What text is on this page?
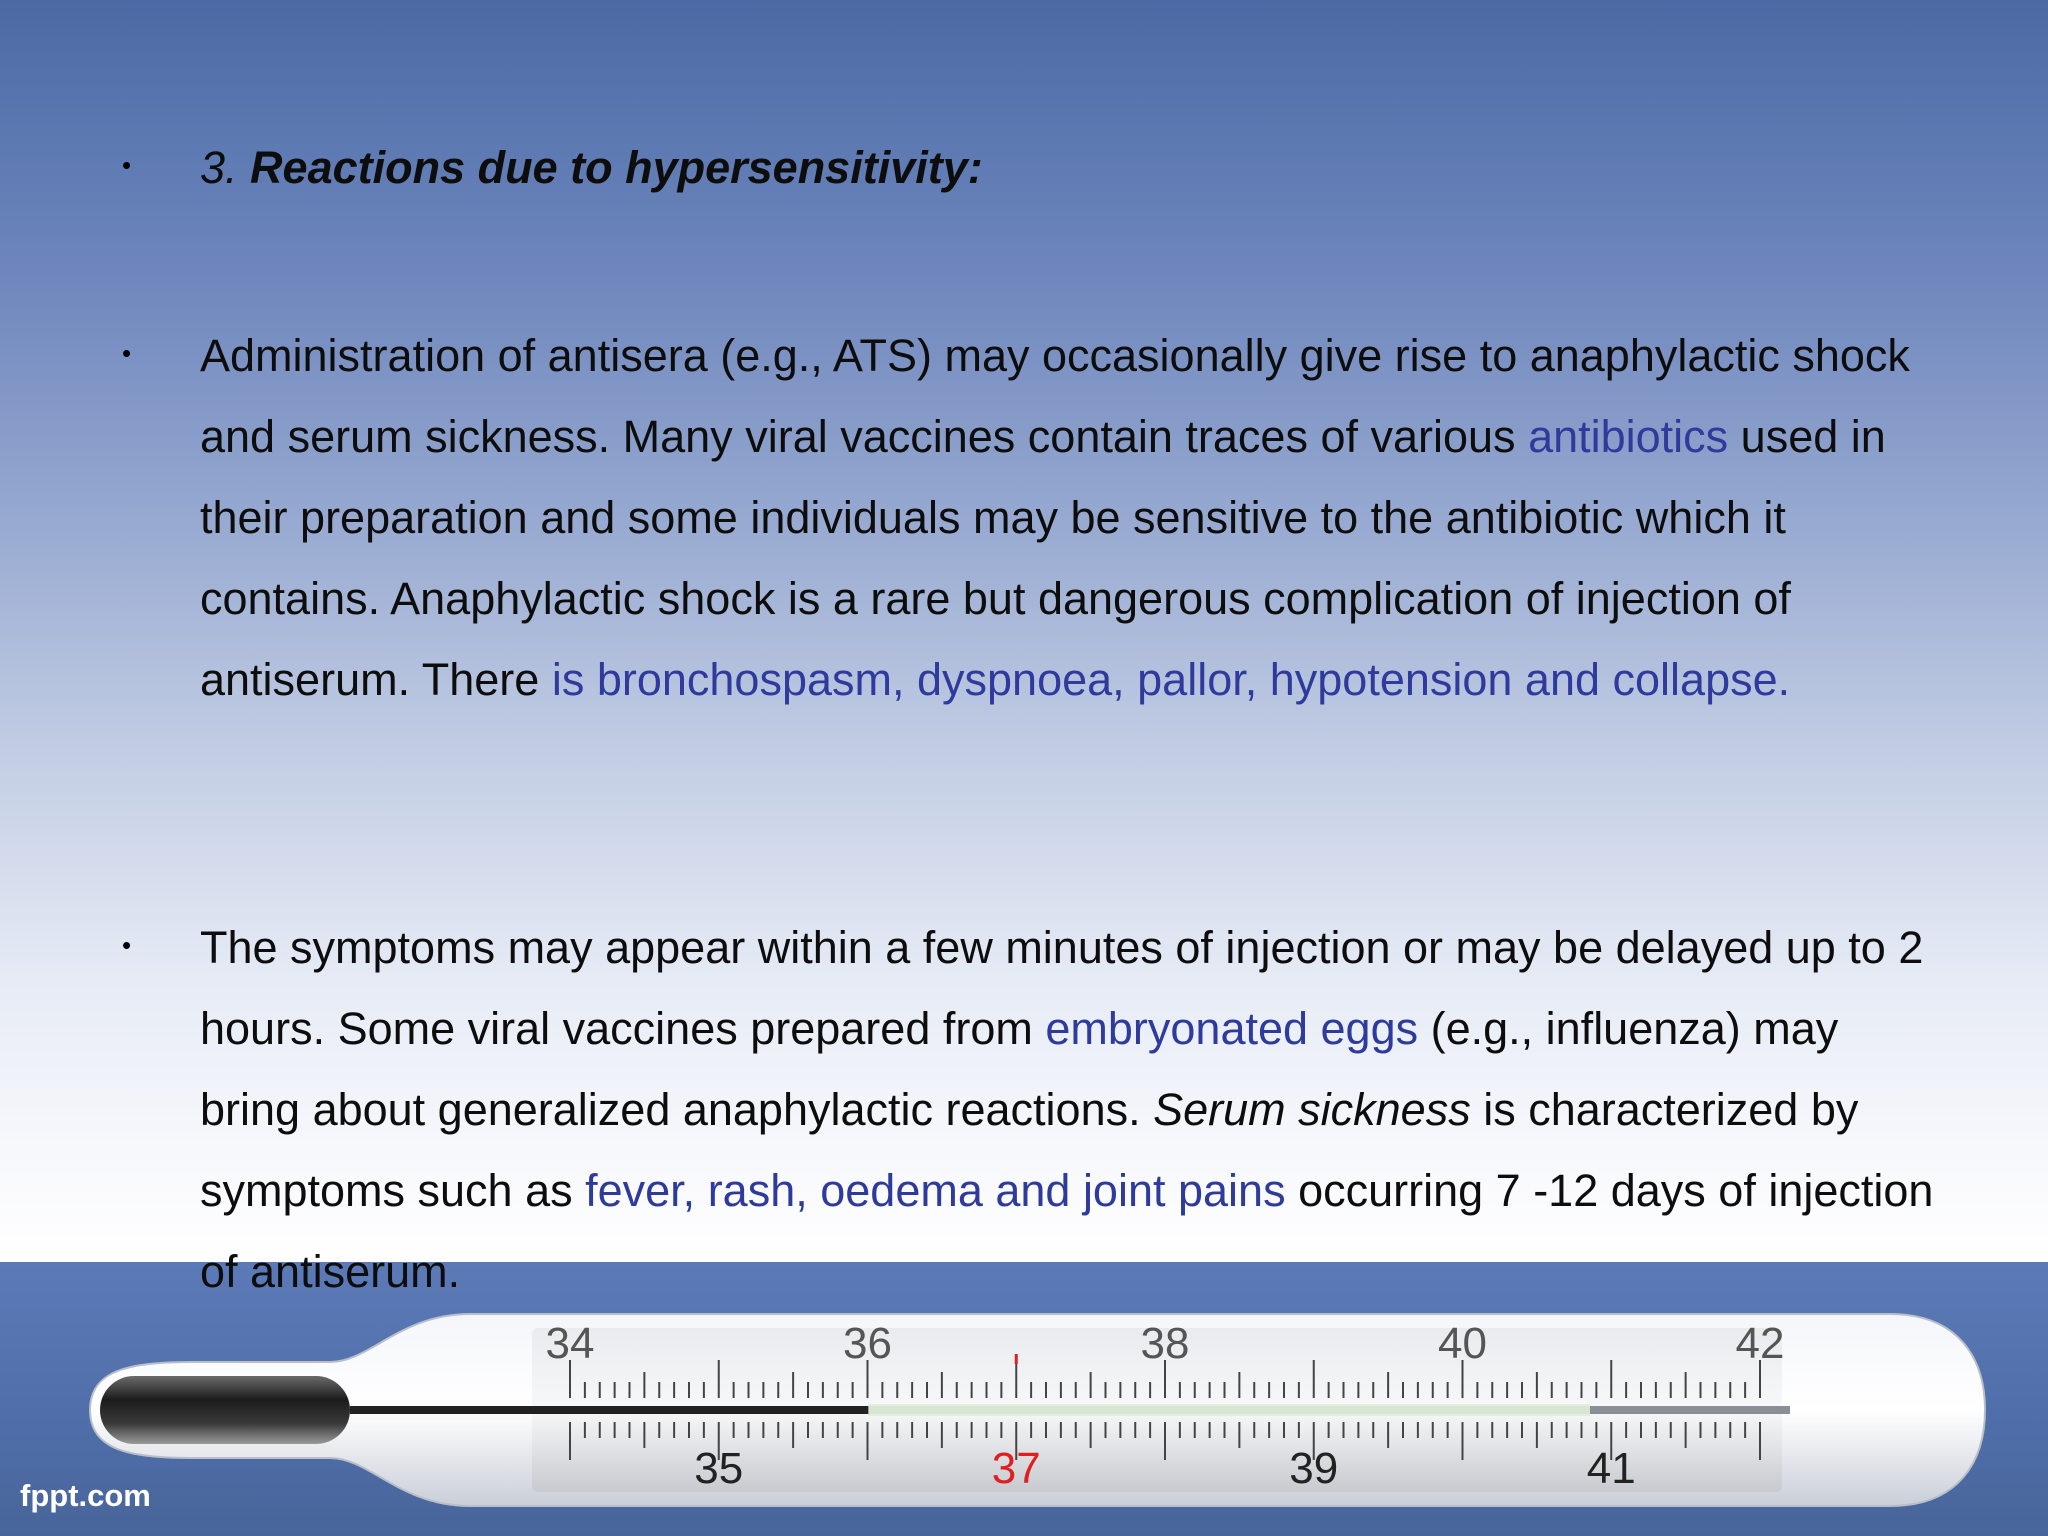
• 3. Reactions due to hypersensitivity:
• Administration of antisera (e.g., ATS) may occasionally give rise to anaphylactic shock and serum sickness. Many viral vaccines contain traces of various antibiotics used in their preparation and some individuals may be sensitive to the antibiotic which it contains. Anaphylactic shock is a rare but dangerous complication of injection of antiserum. There is bronchospasm, dyspnoea, pallor, hypotension and collapse.

• The symptoms may appear within a few minutes of injection or may be delayed up to 2 hours. Some viral vaccines prepared from embryonated eggs (e.g., influenza) may bring about generalized anaphylactic reactions. Serum sickness is characterized by symptoms such as fever, rash, oedema and joint pains occurring 7 -12 days of injection of antiserum.

34	36	38	40	42
35	37	39	41
fppt.com
